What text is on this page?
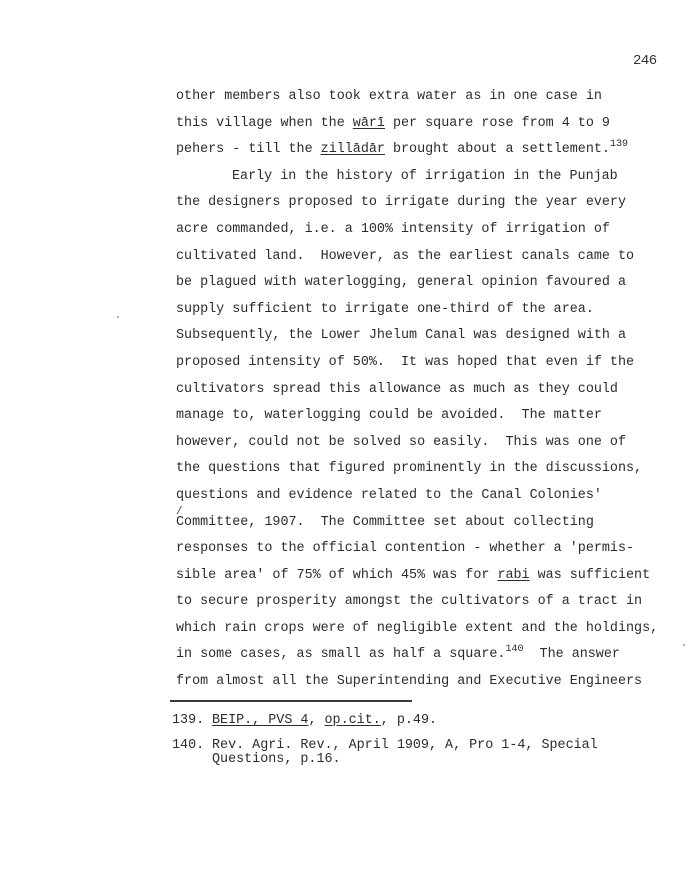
246
other members also took extra water as in one case in
this village when the wārī per square rose from 4 to 9
pehers - till the zillādār brought about a settlement.$^{139}$
Early in the history of irrigation in the Punjab
the designers proposed to irrigate during the year every
acre commanded, i.e. a 100% intensity of irrigation of
cultivated land.  However, as the earliest canals came to
be plagued with waterlogging, general opinion favoured a
supply sufficient to irrigate one-third of the area.
Subsequently, the Lower Jhelum Canal was designed with a
proposed intensity of 50%.  It was hoped that even if the
cultivators spread this allowance as much as they could
manage to, waterlogging could be avoided.  The matter
however, could not be solved so easily.  This was one of
the questions that figured prominently in the discussions,
questions and evidence related to the Canal Colonies'
Committee, 1907.  The Committee set about collecting
responses to the official contention - whether a 'permis-
sible area' of 75% of which 45% was for rabi was sufficient
to secure prosperity amongst the cultivators of a tract in
which rain crops were of negligible extent and the holdings,
in some cases, as small as half a square.$^{140}$  The answer
from almost all the Superintending and Executive Engineers
/
139. BEIP., PVS 4, op.cit., p.49.
140. Rev. Agri. Rev., April 1909, A, Pro 1-4, Special
Questions, p.16.
